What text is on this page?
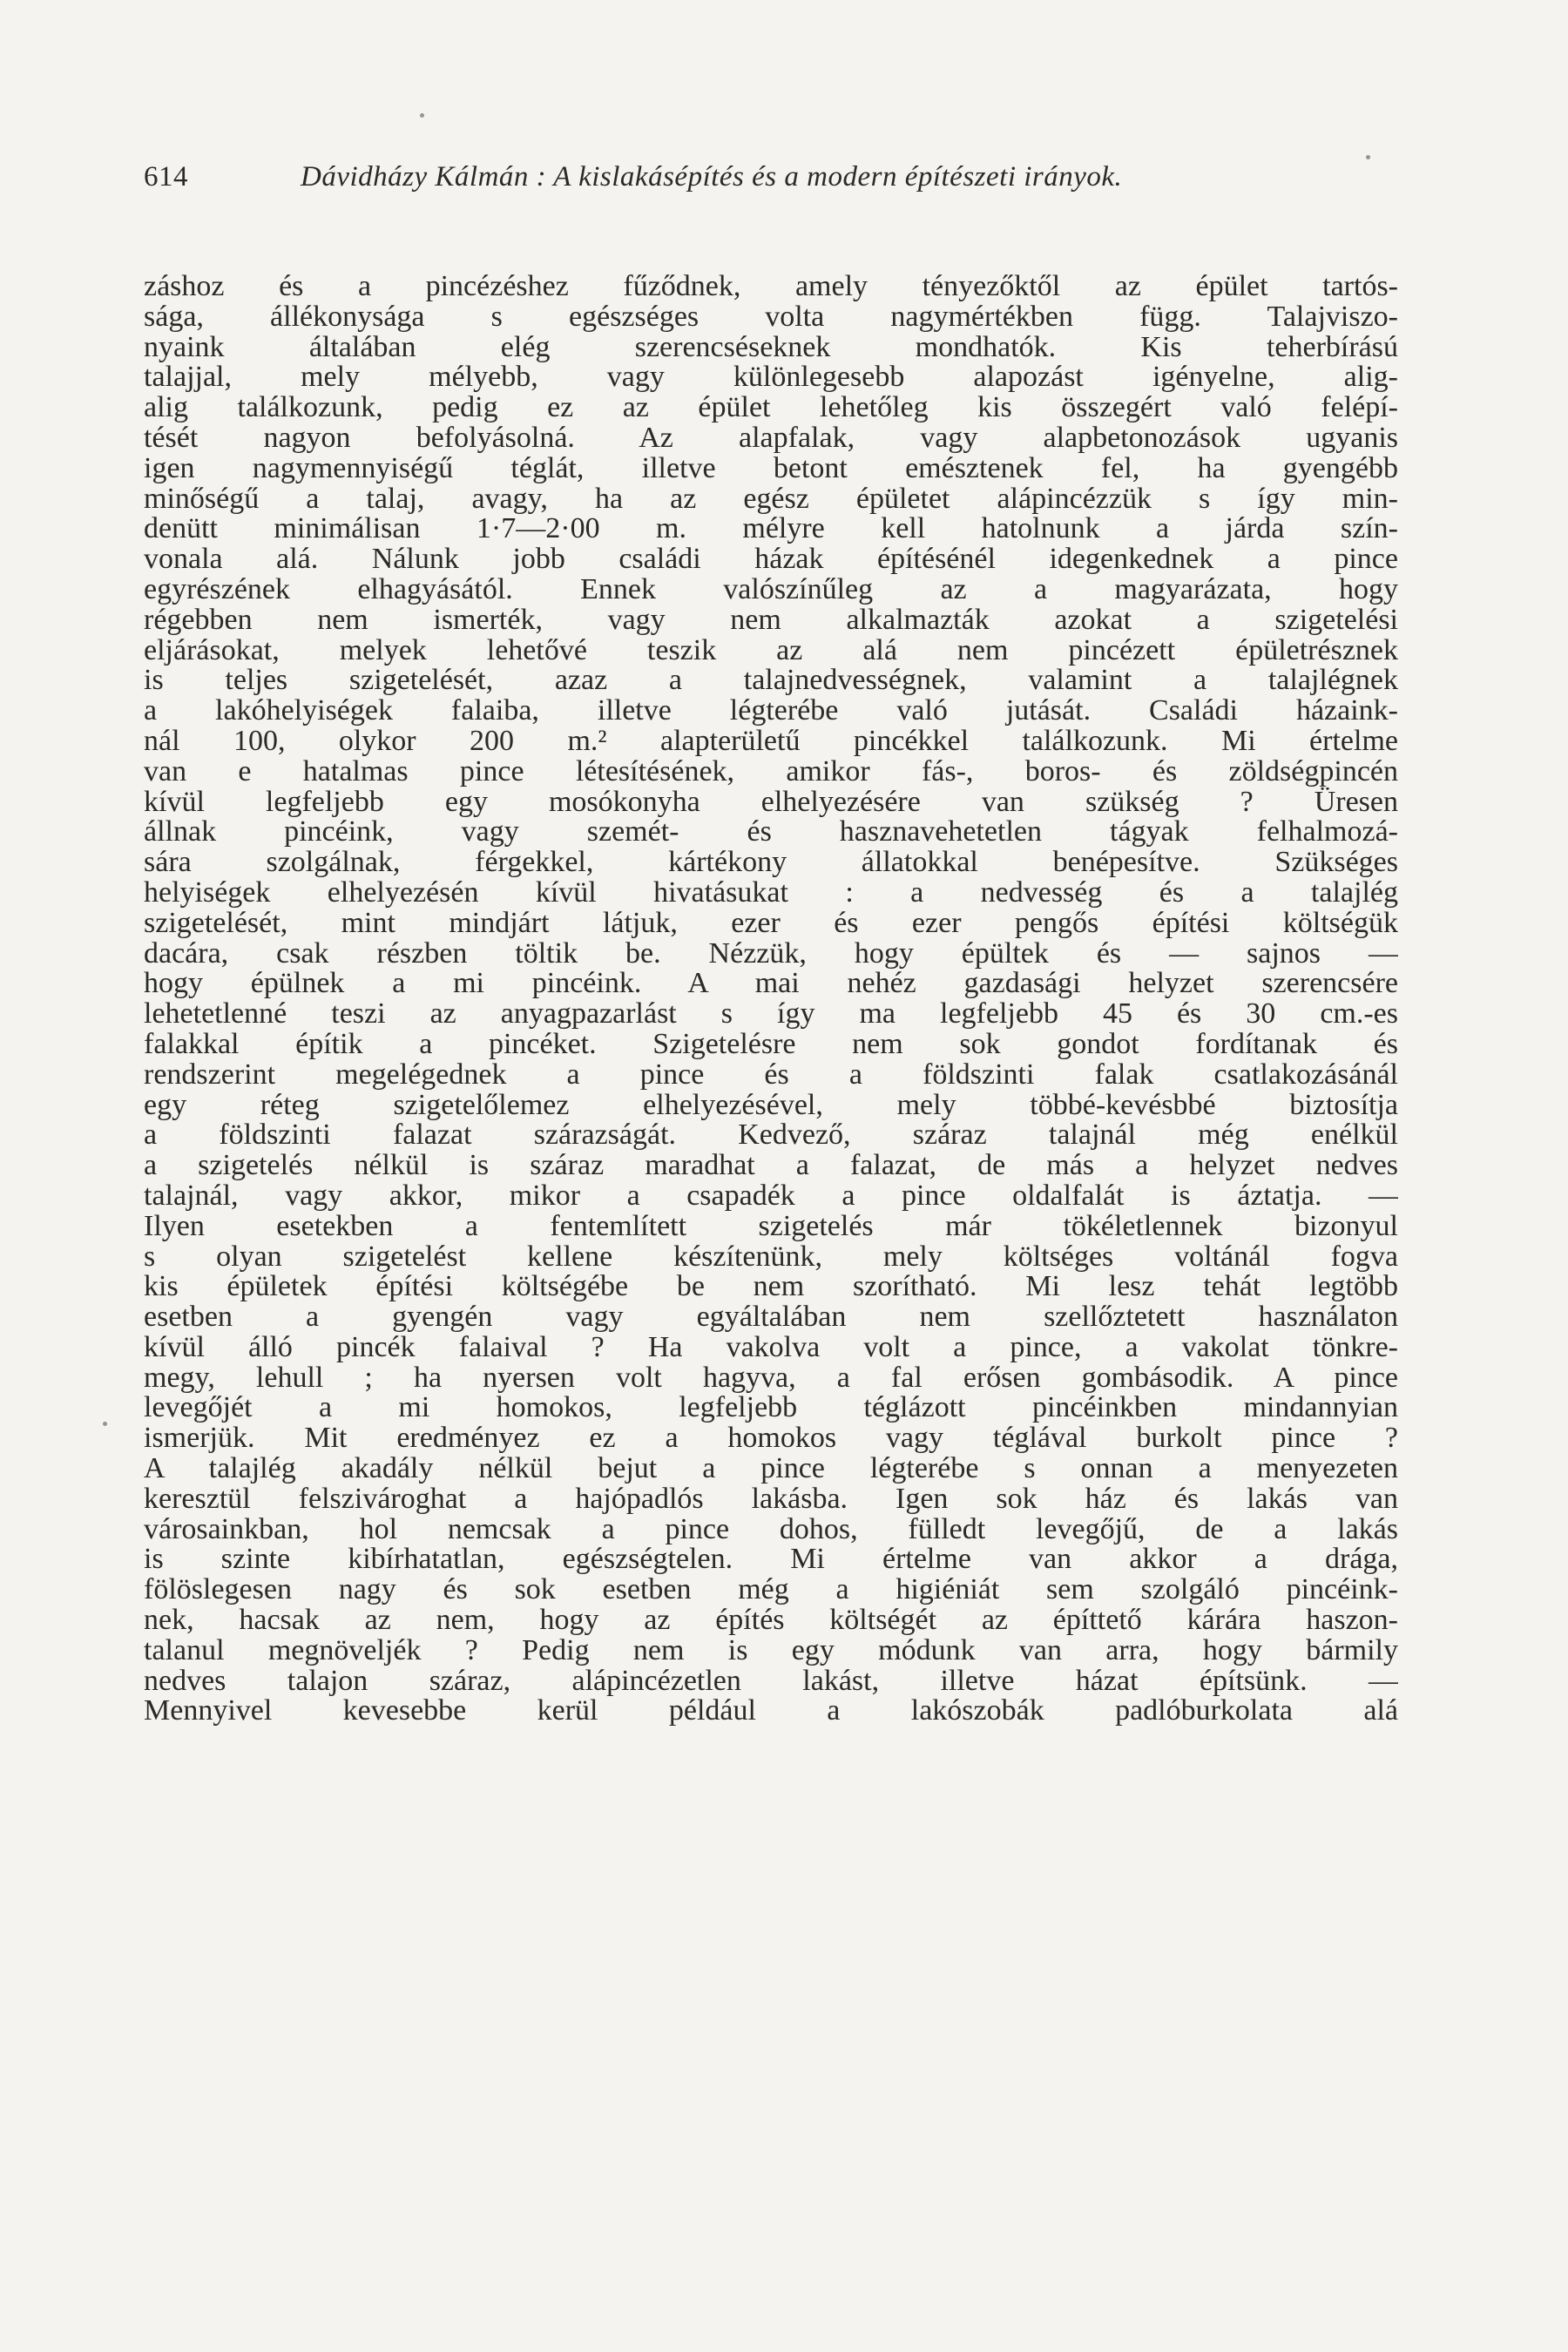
614	Dávidházy Kálmán : A kislakásépítés és a modern építészeti irányok.
záshoz és a pincézéshez fűződnek, amely tényezőktől az épület tartós-
sága, állékonysága s egészséges volta nagymértékben függ. Talajviszo-
nyaink általában elég szerencséseknek mondhatók. Kis teherbírású
talajjal, mely mélyebb, vagy különlegesebb alapozást igényelne, alig-
alig találkozunk, pedig ez az épület lehetőleg kis összegért való felépí-
tését nagyon befolyásolná. Az alapfalak, vagy alapbetonozások ugyanis
igen nagymennyiségű téglát, illetve betont emésztenek fel, ha gyengébb
minőségű a talaj, avagy, ha az egész épületet alápincézzük s így min-
denütt minimálisan 1·7—2·00 m. mélyre kell hatolnunk a járda szín-
vonala alá. Nálunk jobb családi házak építésénél idegenkednek a pince
egyrészének elhagyásától. Ennek valószínűleg az a magyarázata, hogy
régebben nem ismerték, vagy nem alkalmazták azokat a szigetelési
eljárásokat, melyek lehetővé teszik az alá nem pincézett épületrésznek
is teljes szigetelését, azaz a talajnedvességnek, valamint a talajlégnek
a lakóhelyiségek falaiba, illetve légterébe való jutását. Családi házaink-
nál 100, olykor 200 m.² alapterületű pincékkel találkozunk. Mi értelme
van e hatalmas pince létesítésének, amikor fás-, boros- és zöldségpincén
kívül legfeljebb egy mosókonyha elhelyezésére van szükség ? Üresen
állnak pincéink, vagy szemét- és hasznavehetetlen tágyak felhalmozá-
sára szolgálnak, férgekkel, kártékony állatokkal benépesítve. Szükséges
helyiségek elhelyezésén kívül hivatásukat : a nedvesség és a talajlég
szigetelését, mint mindjárt látjuk, ezer és ezer pengős építési költségük
dacára, csak részben töltik be. Nézzük, hogy épültek és — sajnos —
hogy épülnek a mi pincéink. A mai nehéz gazdasági helyzet szerencsére
lehetetlenné teszi az anyagpazarlást s így ma legfeljebb 45 és 30 cm.-es
falakkal építik a pincéket. Szigetelésre nem sok gondot fordítanak és
rendszerint megelégednek a pince és a földszinti falak csatlakozásánál
egy réteg szigetelőlemez elhelyezésével, mely többé-kevésbbé biztosítja
a földszinti falazat szárazságát. Kedvező, száraz talajnál még enélkül
a szigetelés nélkül is száraz maradhat a falazat, de más a helyzet nedves
talajnál, vagy akkor, mikor a csapadék a pince oldalfalát is áztatja. —
Ilyen esetekben a fentemlített szigetelés már tökéletlennek bizonyul
s olyan szigetelést kellene készítenünk, mely költséges voltánál fogva
kis épületek építési költségébe be nem szorítható. Mi lesz tehát legtöbb
esetben a gyengén vagy egyáltalában nem szellőztetett használaton
kívül álló pincék falaival ? Ha vakolva volt a pince, a vakolat tönkre-
megy, lehull ; ha nyersen volt hagyva, a fal erősen gombásodik. A pince
levegőjét a mi homokos, legfeljebb téglázott pincéinkben mindannyian
ismerjük. Mit eredményez ez a homokos vagy téglával burkolt pince ?
A talajlég akadály nélkül bejut a pince légterébe s onnan a menyezeten
keresztül felszivároghat a hajópadlós lakásba. Igen sok ház és lakás van
városainkban, hol nemcsak a pince dohos, fülledt levegőjű, de a lakás
is szinte kibírhatatlan, egészségtelen. Mi értelme van akkor a drága,
fölöslegesen nagy és sok esetben még a higiéniát sem szolgáló pincéink-
nek, hacsak az nem, hogy az építés költségét az építtető kárára haszon-
talanul megnöveljék ? Pedig nem is egy módunk van arra, hogy bármily
nedves talajon száraz, alápincézetlen lakást, illetve házat építsünk. —
Mennyivel kevesebbe kerül például a lakószobák padlóburkolata alá
